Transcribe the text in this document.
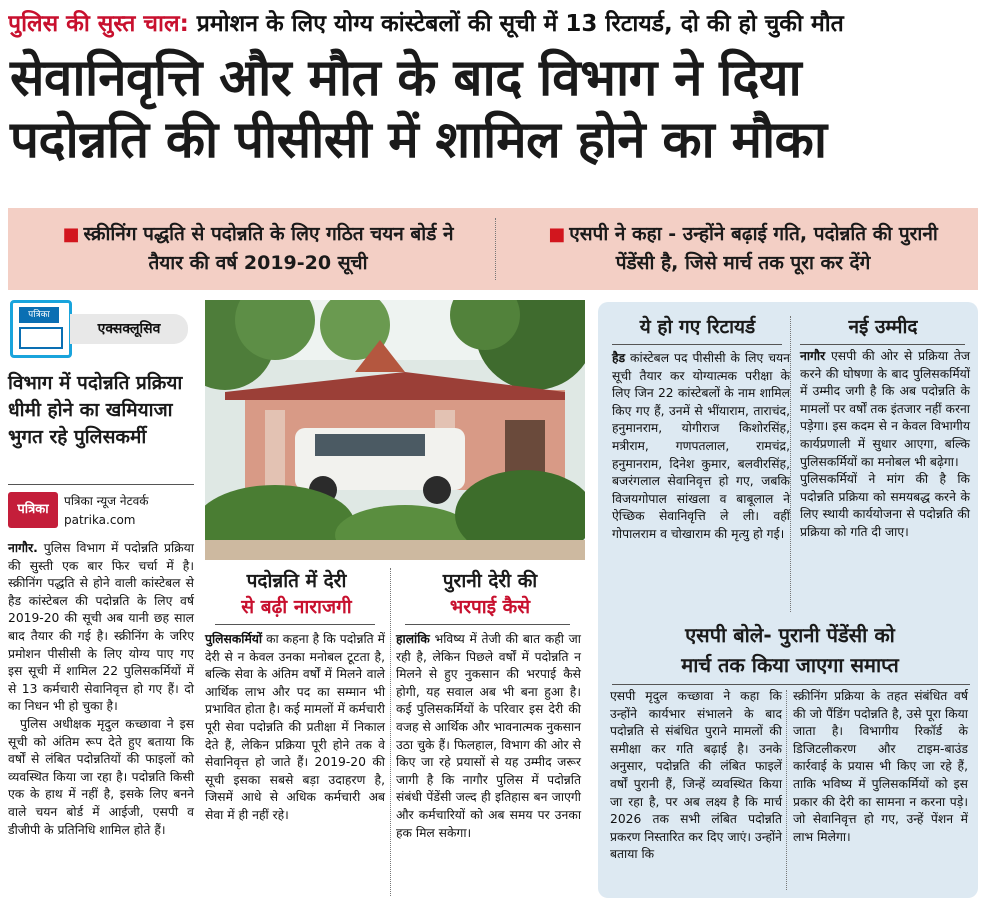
पुलिस की सुस्त चाल: प्रमोशन के लिए योग्य कांस्टेबलों की सूची में 13 रिटायर्ड, दो की हो चुकी मौत
सेवानिवृत्ति और मौत के बाद विभाग ने दिया
पदोन्नति की पीसीसी में शामिल होने का मौका
■ स्क्रीनिंग पद्धति से पदोन्नति के लिए गठित चयन बोर्ड ने तैयार की वर्ष 2019-20 सूची
■ एसपी ने कहा - उन्होंने बढ़ाई गति, पदोन्नति की पुरानी पेंडेंसी है, जिसे मार्च तक पूरा कर देंगे
पत्रिका
एक्सक्लूसिव
विभाग में पदोन्नति प्रक्रिया धीमी होने का खमियाजा भुगत रहे पुलिसकर्मी
पत्रिका
पत्रिका न्यूज नेटवर्क
patrika.com
नागौर. पुलिस विभाग में पदोन्नति प्रक्रिया की सुस्ती एक बार फिर चर्चा में है। स्क्रीनिंग पद्धति से होने वाली कांस्टेबल से हैड कांस्टेबल की पदोन्नति के लिए वर्ष 2019-20 की सूची अब यानी छह साल बाद तैयार की गई है। स्क्रीनिंग के जरिए प्रमोशन पीसीसी के लिए योग्य पाए गए इस सूची में शामिल 22 पुलिसकर्मियों में से 13 कर्मचारी सेवानिवृत्त हो गए हैं। दो का निधन भी हो चुका है।
पुलिस अधीक्षक मृदुल कच्छावा ने इस सूची को अंतिम रूप देते हुए बताया कि वर्षों से लंबित पदोन्नतियों की फाइलों को व्यवस्थित किया जा रहा है। पदोन्नति किसी एक के हाथ में नहीं है, इसके लिए बनने वाले चयन बोर्ड में आईजी, एसपी व डीजीपी के प्रतिनिधि शामिल होते हैं।
पदोन्नति में देरी
से बढ़ी नाराजगी
पुलिसकर्मियों का कहना है कि पदोन्नति में देरी से न केवल उनका मनोबल टूटता है, बल्कि सेवा के अंतिम वर्षों में मिलने वाले आर्थिक लाभ और पद का सम्मान भी प्रभावित होता है। कई मामलों में कर्मचारी पूरी सेवा पदोन्नति की प्रतीक्षा में निकाल देते हैं, लेकिन प्रक्रिया पूरी होने तक वे सेवानिवृत्त हो जाते हैं। 2019-20 की सूची इसका सबसे बड़ा उदाहरण है, जिसमें आधे से अधिक कर्मचारी अब सेवा में ही नहीं रहे।
पुरानी देरी की
भरपाई कैसे
हालांकि भविष्य में तेजी की बात कही जा रही है, लेकिन पिछले वर्षों में पदोन्नति न मिलने से हुए नुकसान की भरपाई कैसे होगी, यह सवाल अब भी बना हुआ है। कई पुलिसकर्मियों के परिवार इस देरी की वजह से आर्थिक और भावनात्मक नुकसान उठा चुके हैं। फिलहाल, विभाग की ओर से किए जा रहे प्रयासों से यह उम्मीद जरूर जागी है कि नागौर पुलिस में पदोन्नति संबंधी पेंडेंसी जल्द ही इतिहास बन जाएगी और कर्मचारियों को अब समय पर उनका हक मिल सकेगा।
ये हो गए रिटायर्ड
हैड कांस्टेबल पद पीसीसी के लिए चयन सूची तैयार कर योग्यात्मक परीक्षा के लिए जिन 22 कांस्टेबलों के नाम शामिल किए गए हैं, उनमें से भींयाराम, ताराचंद, हनुमानराम, योगीराज किशोरसिंह, मत्रीराम, गणपतलाल, रामचंद्र, हनुमानराम, दिनेश कुमार, बलवीरसिंह, बजरंगलाल सेवानिवृत्त हो गए, जबकि विजयगोपाल सांखला व बाबूलाल ने ऐच्छिक सेवानिवृत्ति ले ली। वहीं गोपालराम व चोखाराम की मृत्यु हो गई।
नई उम्मीद
नागौर एसपी की ओर से प्रक्रिया तेज करने की घोषणा के बाद पुलिसकर्मियों में उम्मीद जगी है कि अब पदोन्नति के मामलों पर वर्षों तक इंतजार नहीं करना पड़ेगा। इस कदम से न केवल विभागीय कार्यप्रणाली में सुधार आएगा, बल्कि पुलिसकर्मियों का मनोबल भी बढ़ेगा।
पुलिसकर्मियों ने मांग की है कि पदोन्नति प्रक्रिया को समयबद्ध करने के लिए स्थायी कार्ययोजना से पदोन्नति की प्रक्रिया को गति दी जाए।
एसपी बोले- पुरानी पेंडेंसी को
मार्च तक किया जाएगा समाप्त
एसपी मृदुल कच्छावा ने कहा कि उन्होंने कार्यभार संभालने के बाद पदोन्नति से संबंधित पुराने मामलों की समीक्षा कर गति बढ़ाई है। उनके अनुसार, पदोन्नति की लंबित फाइलें वर्षों पुरानी हैं, जिन्हें व्यवस्थित किया जा रहा है, पर अब लक्ष्य है कि मार्च 2026 तक सभी लंबित पदोन्नति प्रकरण निस्तारित कर दिए जाएं। उन्होंने बताया कि
स्क्रीनिंग प्रक्रिया के तहत संबंधित वर्ष की जो पैंडिंग पदोन्नति है, उसे पूरा किया जाता है। विभागीय रिकॉर्ड के डिजिटलीकरण और टाइम-बाउंड कार्रवाई के प्रयास भी किए जा रहे हैं, ताकि भविष्य में पुलिसकर्मियों को इस प्रकार की देरी का सामना न करना पड़े। जो सेवानिवृत्त हो गए, उन्हें पेंशन में लाभ मिलेगा।
